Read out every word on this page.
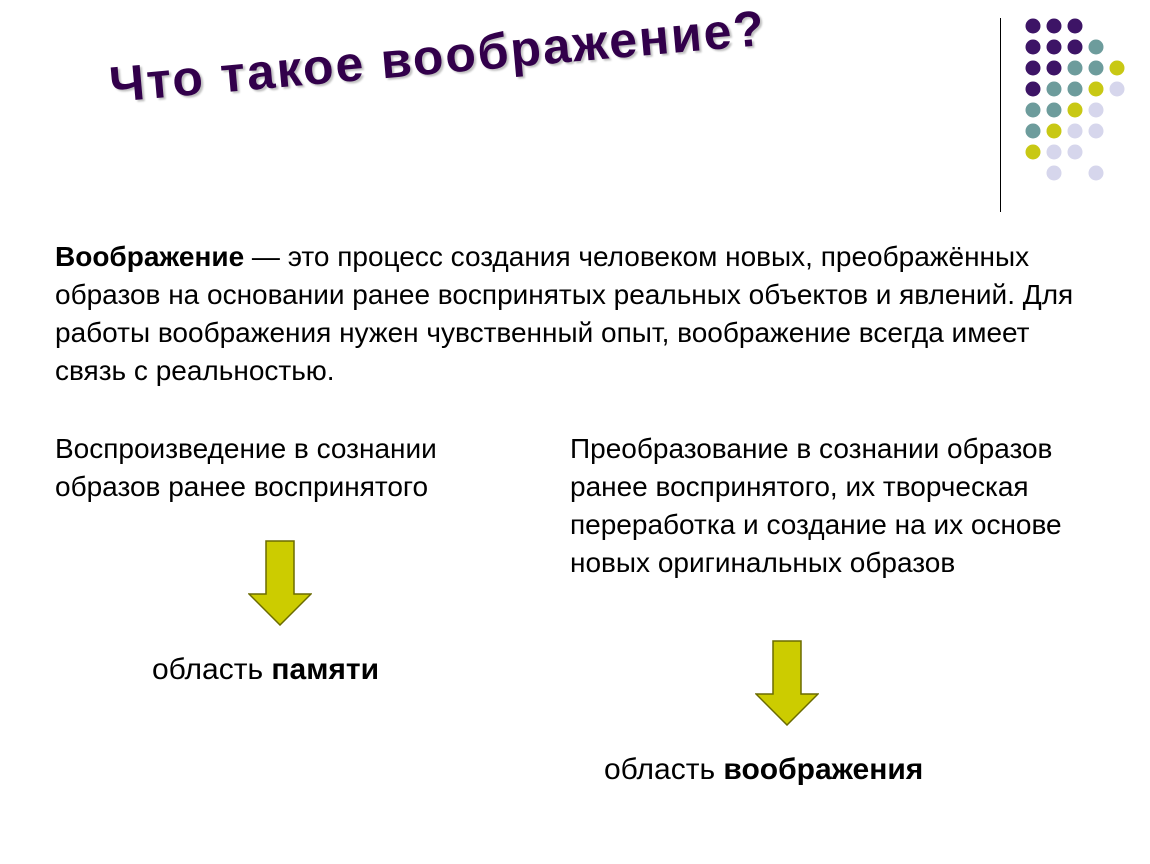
Что такое воображение?

Воображение — это процесс создания человеком новых, преображённых образов на основании ранее воспринятых реальных объектов и явлений. Для работы воображения нужен чувственный опыт, воображение всегда имеет связь с реальностью.

Воспроизведение в сознании образов ранее воспринятого

Преобразование в сознании образов ранее воспринятого, их творческая переработка и создание на их основе новых оригинальных образов

область памяти

область воображения
